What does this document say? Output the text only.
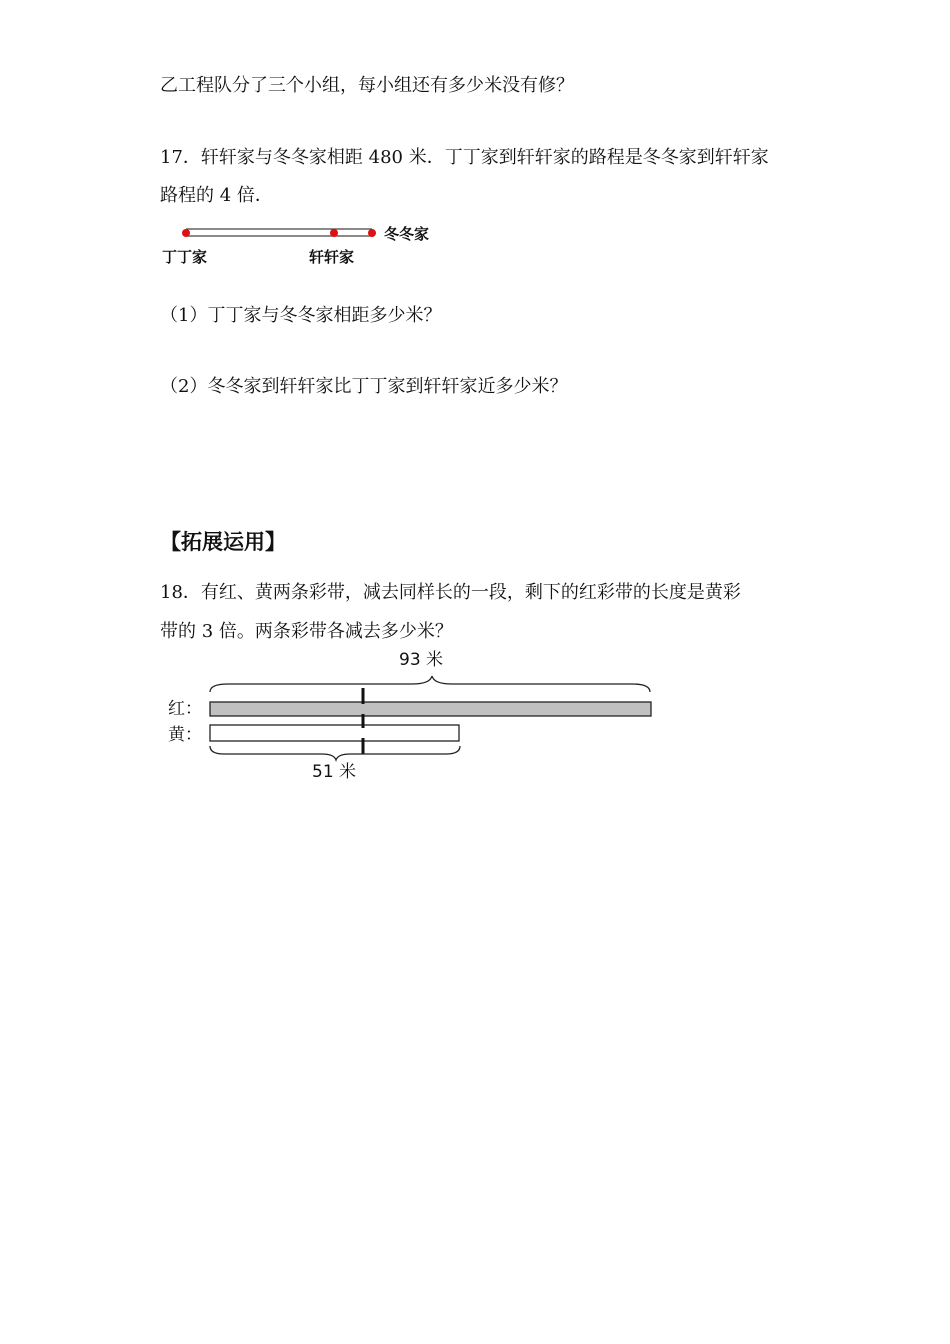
乙工程队分了三个小组，每小组还有多少米没有修？
17．轩轩家与冬冬家相距 480 米．丁丁家到轩轩家的路程是冬冬家到轩轩家
路程的 4 倍．
丁丁家	轩轩家
冬冬家
（1）丁丁家与冬冬家相距多少米？
（2）冬冬家到轩轩家比丁丁家到轩轩家近多少米？
【拓展运用】
18．有红、黄两条彩带，减去同样长的一段，剩下的红彩带的长度是黄彩
带的 3 倍。两条彩带各减去多少米？
93 米
红：
黄：
51 米
